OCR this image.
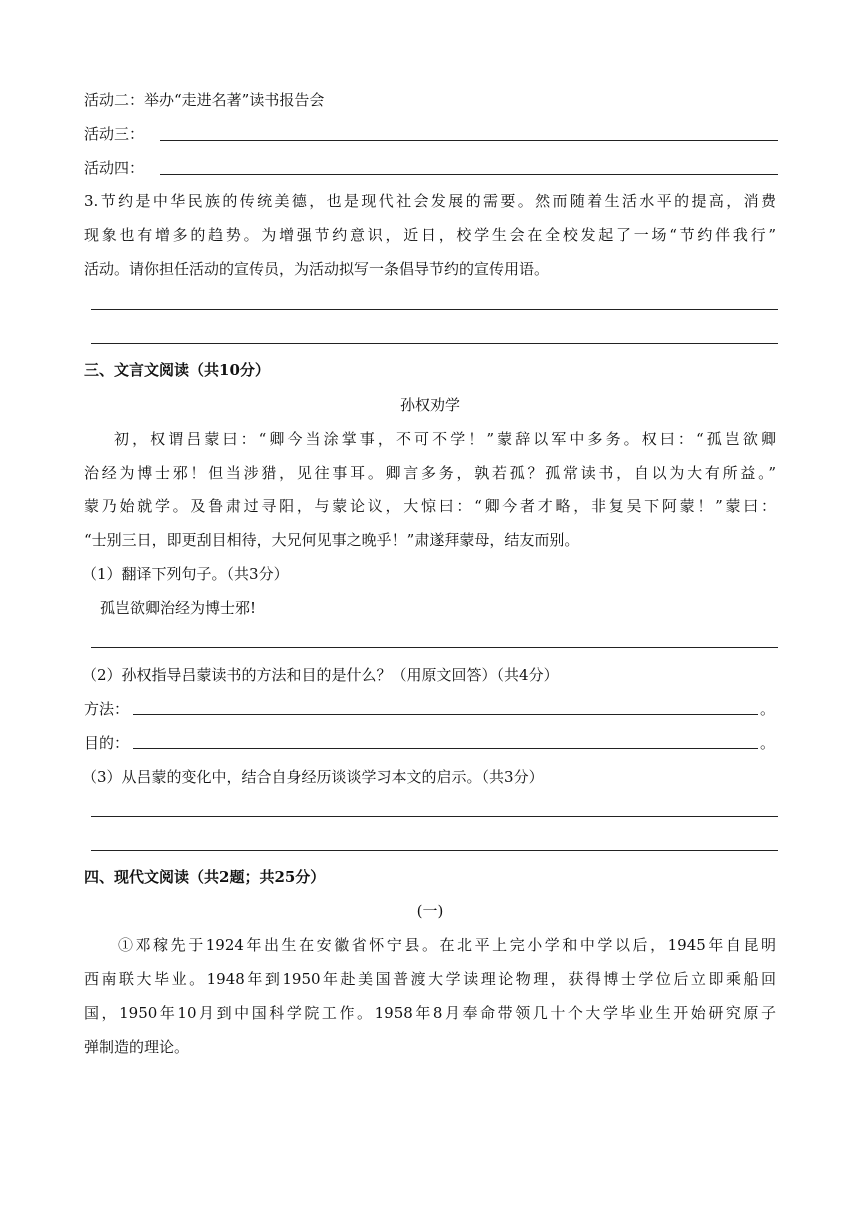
活动二：举办“走进名著”读书报告会
活动三：
活动四：
3.节约是中华民族的传统美德，也是现代社会发展的需要。然而随着生活水平的提高，消费
现象也有增多的趋势。为增强节约意识，近日，校学生会在全校发起了一场“节约伴我行”
活动。请你担任活动的宣传员，为活动拟写一条倡导节约的宣传用语。
三、文言文阅读（共10分）
孙权劝学
初，权谓吕蒙曰：“卿今当涂掌事，不可不学！”蒙辞以军中多务。权曰：“孤岂欲卿
治经为博士邪！但当涉猎，见往事耳。卿言多务，孰若孤？孤常读书，自以为大有所益。”
蒙乃始就学。及鲁肃过寻阳，与蒙论议，大惊曰：“卿今者才略，非复吴下阿蒙！”蒙曰：
“士别三日，即更刮目相待，大兄何见事之晚乎！”肃遂拜蒙母，结友而别。
（1）翻译下列句子。（共3分）
孤岂欲卿治经为博士邪!
（2）孙权指导吕蒙读书的方法和目的是什么？（用原文回答）（共4分）
方法：	。
目的：	。
（3）从吕蒙的变化中，结合自身经历谈谈学习本文的启示。（共3分）
四、现代文阅读（共2题；共25分）
(一)
①邓稼先于1924年出生在安徽省怀宁县。在北平上完小学和中学以后，1945年自昆明
西南联大毕业。1948年到1950年赴美国普渡大学读理论物理，获得博士学位后立即乘船回
国，1950年10月到中国科学院工作。1958年8月奉命带领几十个大学毕业生开始研究原子
弹制造的理论。
